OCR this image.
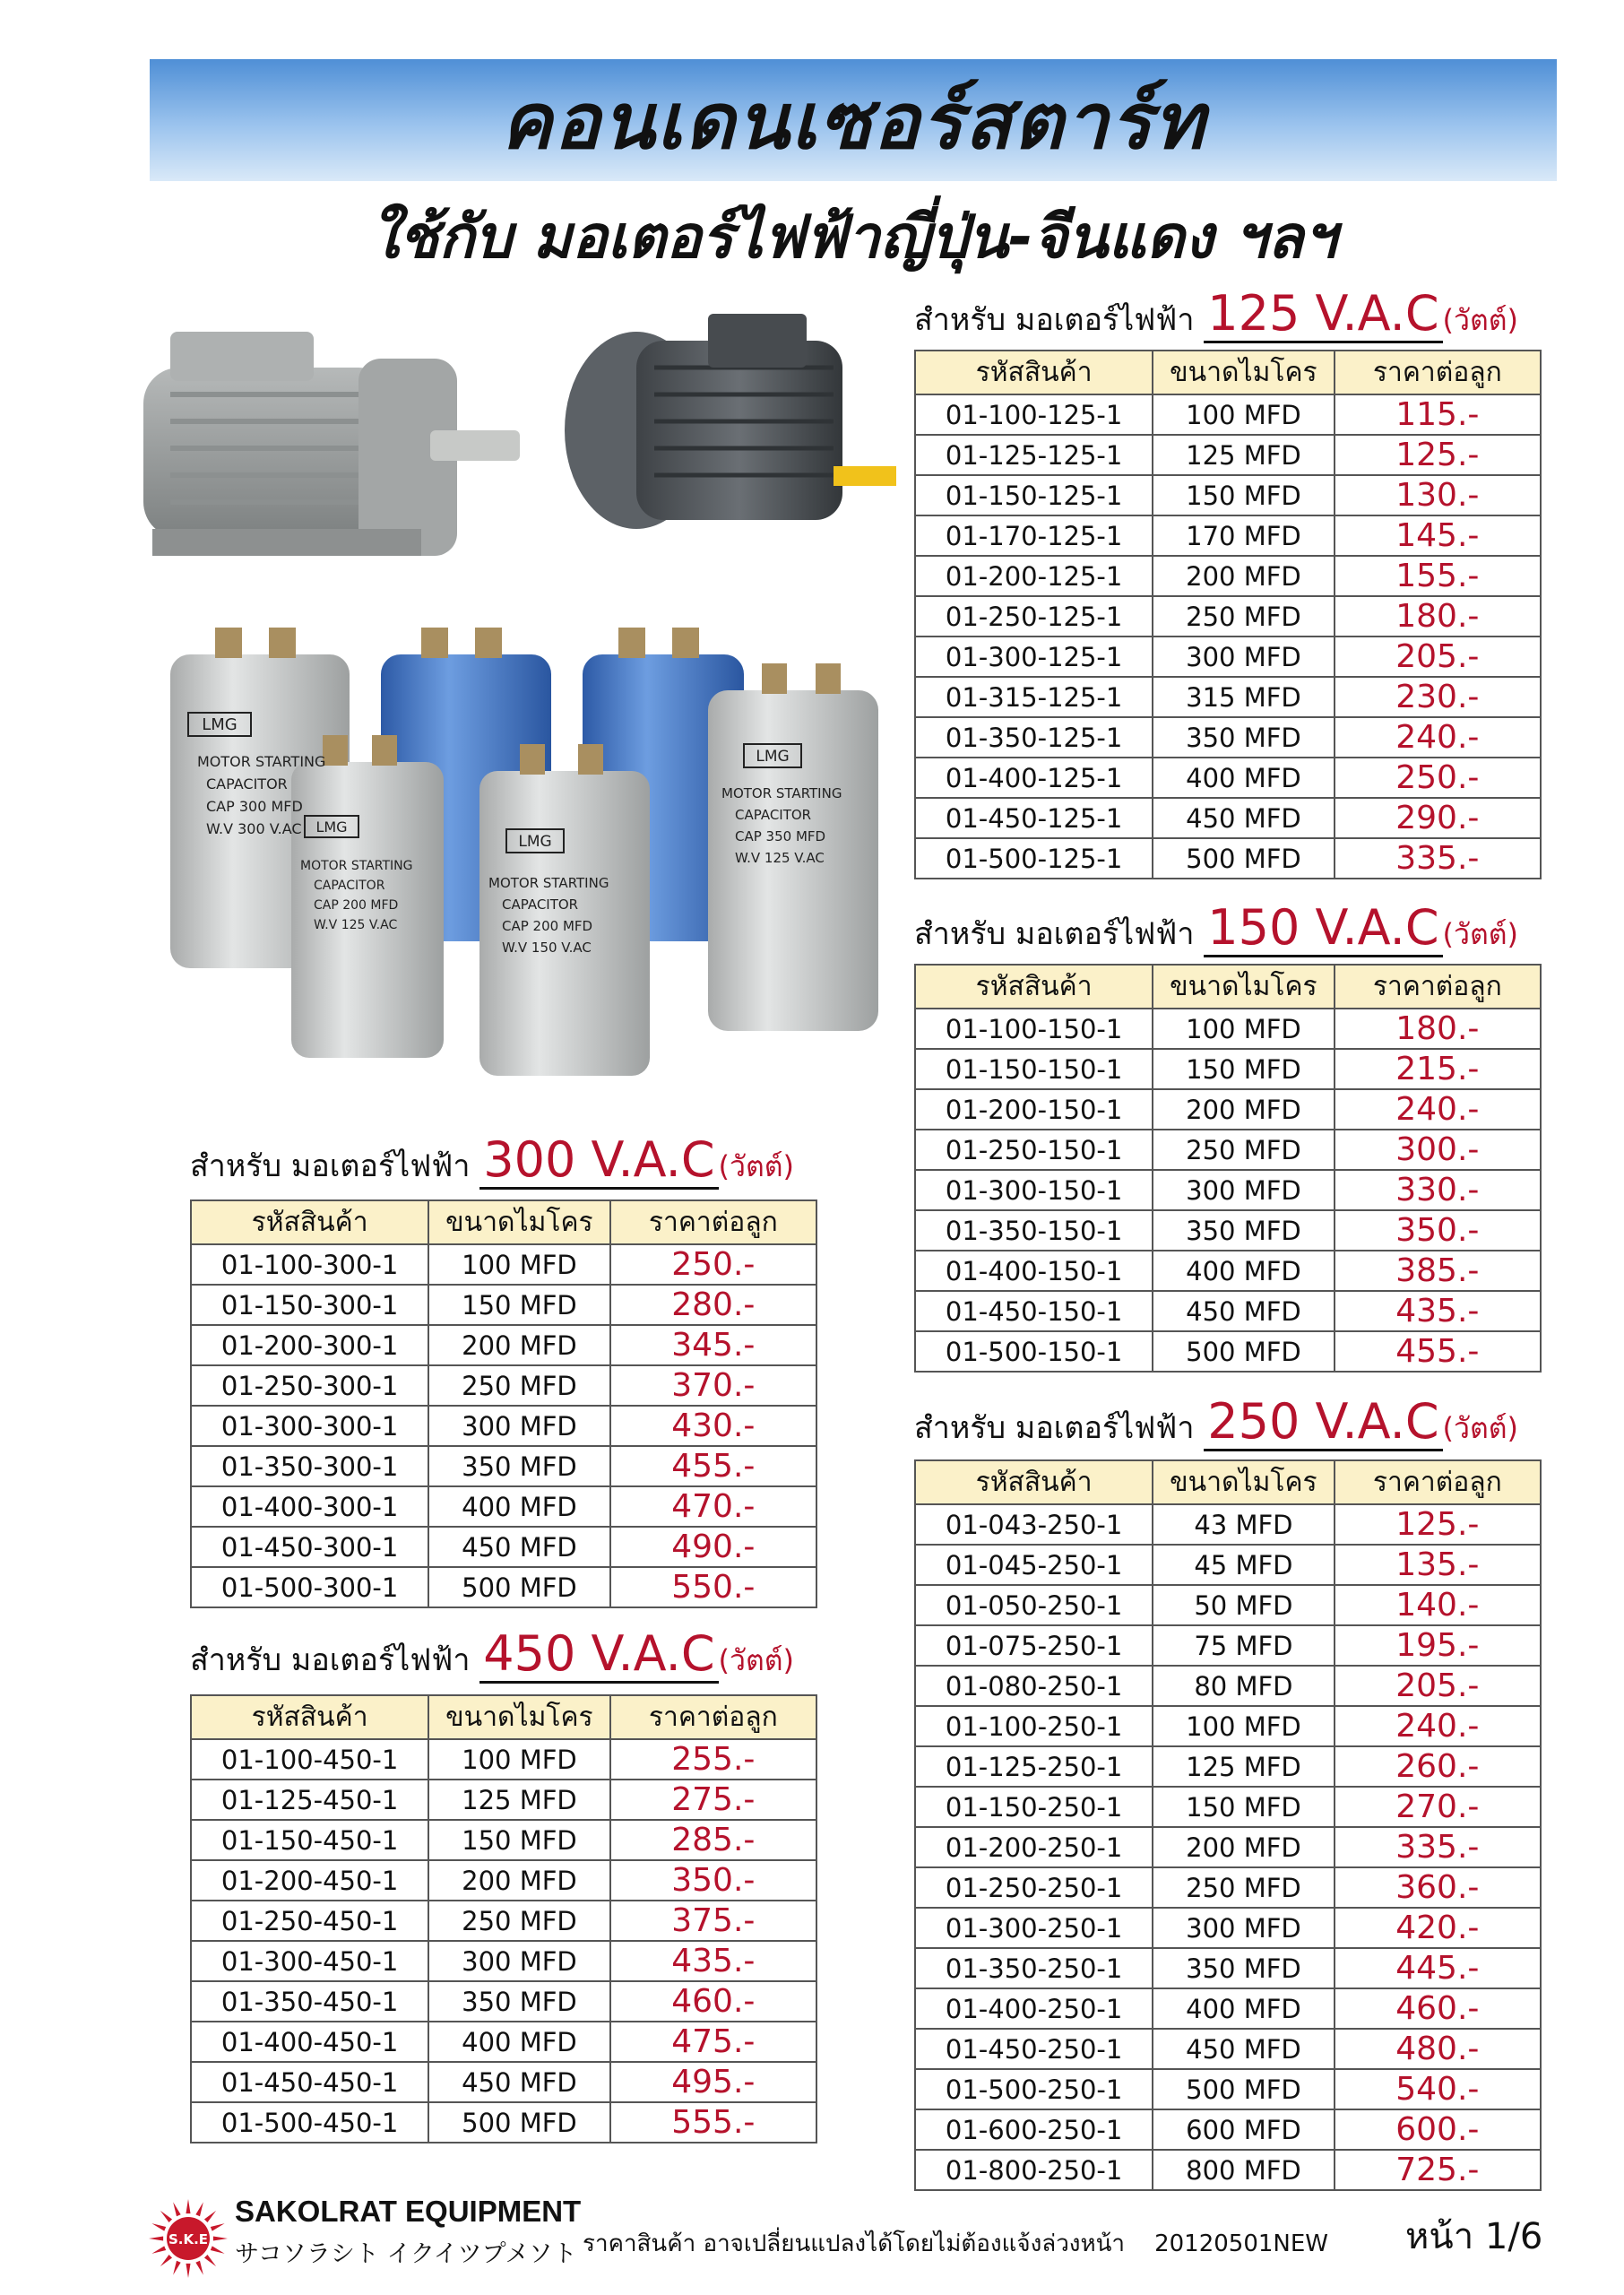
คอนเดนเซอร์สตาร์ท
ใช้กับ มอเตอร์ไฟฟ้าญี่ปุ่น-จีนแดง ฯลฯ
LMG
MOTOR STARTING
CAPACITOR
CAP 300 MFD
W.V 300 V.AC LMG
MOTOR STARTING
CAPACITOR
CAP 200 MFD
W.V 125 V.AC
LMG
MOTOR STARTING
CAPACITOR
CAP 200 MFD
W.V 150 V.AC
LMG
MOTOR STARTING
CAPACITOR
CAP 350 MFD
W.V 125 V.AC
สำหรับ มอเตอร์ไฟฟ้า 125 V.A.C (วัตต์)
รหัสสินค้า	ขนาดไมโคร	ราคาต่อลูก
01-100-125-1	100 MFD	115.-
01-125-125-1	125 MFD	125.-
01-150-125-1	150 MFD	130.-
01-170-125-1	170 MFD	145.-
01-200-125-1	200 MFD	155.-
01-250-125-1	250 MFD	180.-
01-300-125-1	300 MFD	205.-
01-315-125-1	315 MFD	230.-
01-350-125-1	350 MFD	240.-
01-400-125-1	400 MFD	250.-
01-450-125-1	450 MFD	290.-
01-500-125-1	500 MFD	335.-
สำหรับ มอเตอร์ไฟฟ้า 150 V.A.C (วัตต์)
รหัสสินค้า	ขนาดไมโคร	ราคาต่อลูก
01-100-150-1	100 MFD	180.-
01-150-150-1	150 MFD	215.-
01-200-150-1	200 MFD	240.-
01-250-150-1	250 MFD	300.-
01-300-150-1	300 MFD	330.-
01-350-150-1	350 MFD	350.-
01-400-150-1	400 MFD	385.-
01-450-150-1	450 MFD	435.-
01-500-150-1	500 MFD	455.-
สำหรับ มอเตอร์ไฟฟ้า 250 V.A.C (วัตต์)
รหัสสินค้า	ขนาดไมโคร	ราคาต่อลูก
01-043-250-1	43 MFD	125.-
01-045-250-1	45 MFD	135.-
01-050-250-1	50 MFD	140.-
01-075-250-1	75 MFD	195.-
01-080-250-1	80 MFD	205.-
01-100-250-1	100 MFD	240.-
01-125-250-1	125 MFD	260.-
01-150-250-1	150 MFD	270.-
01-200-250-1	200 MFD	335.-
01-250-250-1	250 MFD	360.-
01-300-250-1	300 MFD	420.-
01-350-250-1	350 MFD	445.-
01-400-250-1	400 MFD	460.-
01-450-250-1	450 MFD	480.-
01-500-250-1	500 MFD	540.-
01-600-250-1	600 MFD	600.-
01-800-250-1	800 MFD	725.-
สำหรับ มอเตอร์ไฟฟ้า 300 V.A.C (วัตต์)
รหัสสินค้า	ขนาดไมโคร	ราคาต่อลูก
01-100-300-1	100 MFD	250.-
01-150-300-1	150 MFD	280.-
01-200-300-1	200 MFD	345.-
01-250-300-1	250 MFD	370.-
01-300-300-1	300 MFD	430.-
01-350-300-1	350 MFD	455.-
01-400-300-1	400 MFD	470.-
01-450-300-1	450 MFD	490.-
01-500-300-1	500 MFD	550.-
สำหรับ มอเตอร์ไฟฟ้า 450 V.A.C (วัตต์)
รหัสสินค้า	ขนาดไมโคร	ราคาต่อลูก
01-100-450-1	100 MFD	255.-
01-125-450-1	125 MFD	275.-
01-150-450-1	150 MFD	285.-
01-200-450-1	200 MFD	350.-
01-250-450-1	250 MFD	375.-
01-300-450-1	300 MFD	435.-
01-350-450-1	350 MFD	460.-
01-400-450-1	400 MFD	475.-
01-450-450-1	450 MFD	495.-
01-500-450-1	500 MFD	555.-
S.K.E
SAKOLRAT EQUIPMENT
サコソラシト イクイツプメソト ราคาสินค้า อาจเปลี่ยนแปลงได้โดยไม่ต้องแจ้งล่วงหน้า 20120501NEW หน้า 1/6
